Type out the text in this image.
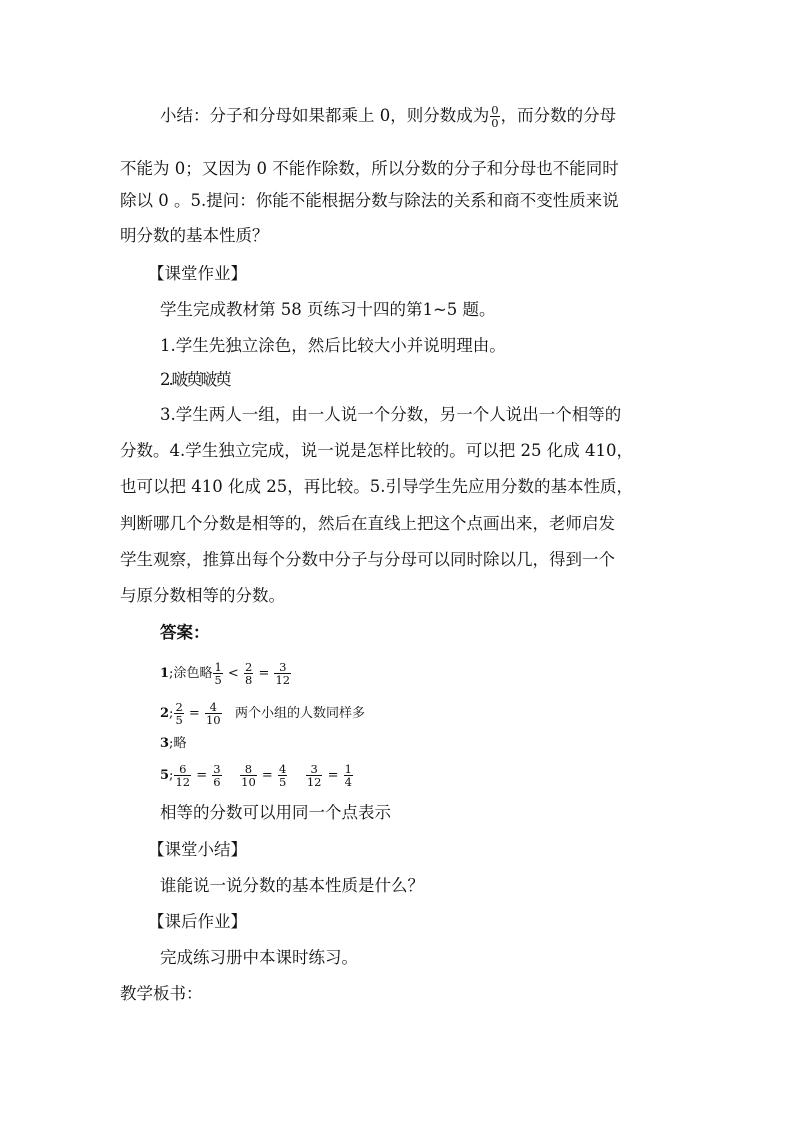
小结：分子和分母如果都乘上 0，则分数成为 $\frac{0}{0}$ ，而分数的分母
不能为 0；又因为 0 不能作除数，所以分数的分子和分母也不能同时
除以 0 。5.提问：你能不能根据分数与除法的关系和商不变性质来说
明分数的基本性质？
【课堂作业】
学生完成教材第 58 页练习十四的第1~5 题。
1.学生先独立涂色，然后比较大小并说明理由。
2.啵萸啵萸
3.学生两人一组，由一人说一个分数，另一个人说出一个相等的
分数。4.学生独立完成，说一说是怎样比较的。可以把 25 化成 410，
也可以把 410 化成 25，再比较。5.引导学生先应用分数的基本性质，
判断哪几个分数是相等的，然后在直线上把这个点画出来，老师启发
学生观察，推算出每个分数中分子与分母可以同时除以几，得到一个
与原分数相等的分数。
答案：
1;涂色略 $\frac{1}{5} < \frac{2}{8} = \frac{3}{12}$
2; $\frac{2}{5} = \frac{4}{10}$ 两个小组的人数同样多
3;略
5; $\frac{6}{12} = \frac{3}{6}$
$\frac{8}{10} = \frac{4}{5}$
$\frac{3}{12} = \frac{1}{4}$
相等的分数可以用同一个点表示
【课堂小结】
谁能说一说分数的基本性质是什么？
【课后作业】
完成练习册中本课时练习。
教学板书：
